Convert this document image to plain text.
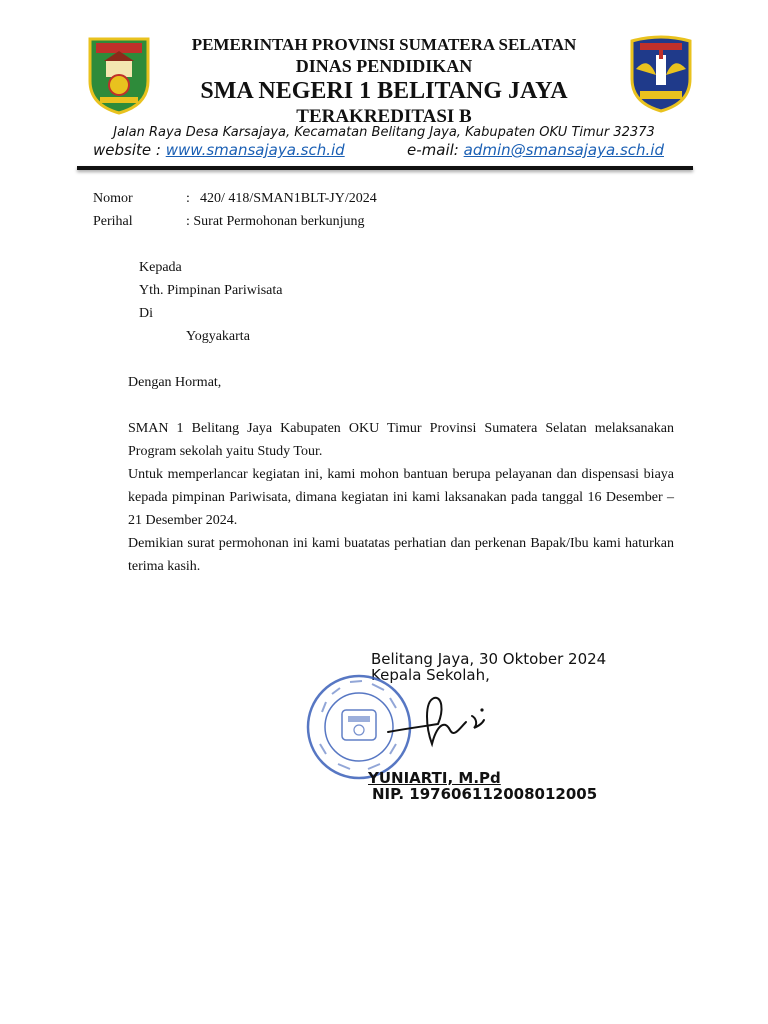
PEMERINTAH PROVINSI SUMATERA SELATAN
DINAS PENDIDIKAN
SMA NEGERI 1 BELITANG JAYA
TERAKREDITASI B
Jalan Raya Desa Karsajaya, Kecamatan Belitang Jaya, Kabupaten OKU Timur 32373
website : www.smansajaya.sch.id	e-mail: admin@smansajaya.sch.id
Nomor	: 420/ 418/SMAN1BLT-JY/2024
Perihal	: Surat Permohonan berkunjung
Kepada
Yth. Pimpinan Pariwisata
Di
Yogyakarta
Dengan Hormat,
SMAN 1 Belitang Jaya Kabupaten OKU Timur Provinsi Sumatera Selatan melaksanakan Program sekolah yaitu Study Tour.
Untuk memperlancar kegiatan ini, kami mohon bantuan berupa pelayanan dan dispensasi biaya kepada pimpinan Pariwisata, dimana kegiatan ini kami laksanakan pada tanggal 16 Desember – 21 Desember 2024.
Demikian surat permohonan ini kami buatatas perhatian dan perkenan Bapak/Ibu kami haturkan terima kasih.
Belitang Jaya, 30 Oktober 2024
Kepala Sekolah,
YUNIARTI, M.Pd
NIP. 197606112008012005
